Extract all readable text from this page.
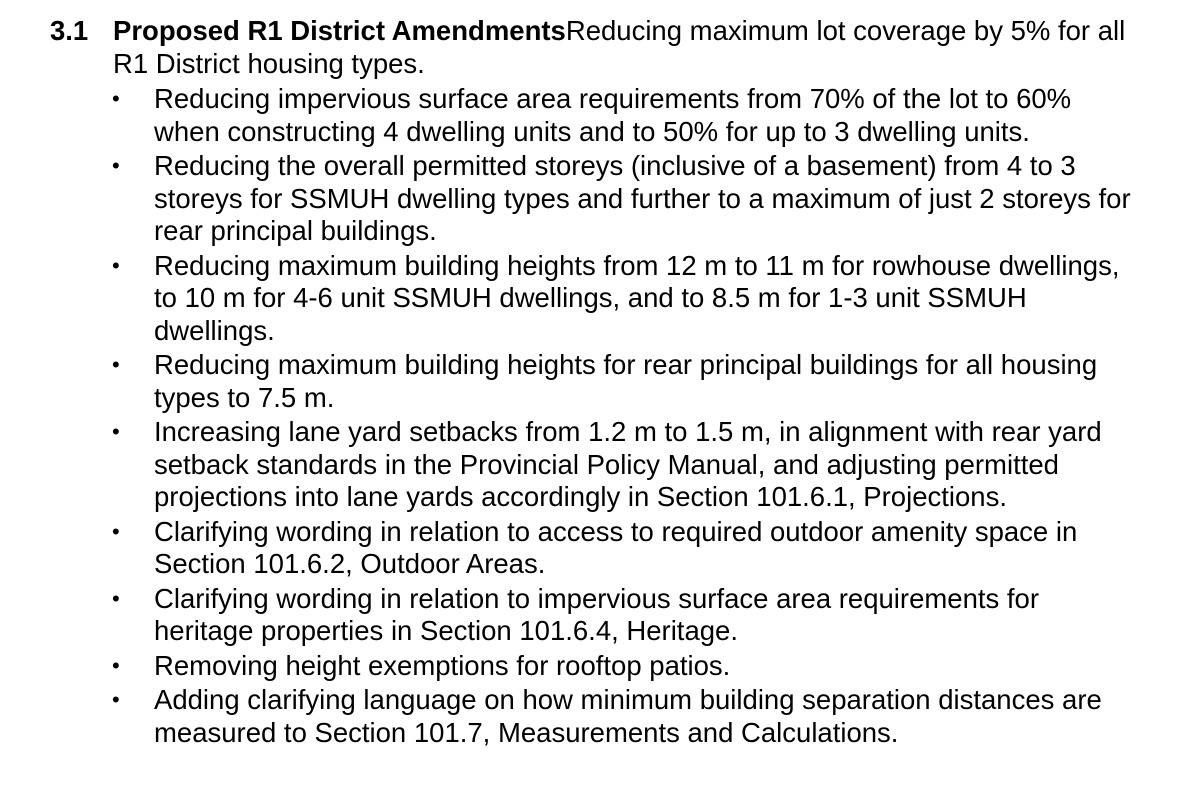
3.1 Proposed R1 District AmendmentsReducing maximum lot coverage by 5% for all R1 District housing types.
•	Reducing impervious surface area requirements from 70% of the lot to 60% when constructing 4 dwelling units and to 50% for up to 3 dwelling units.
•	Reducing the overall permitted storeys (inclusive of a basement) from 4 to 3 storeys for SSMUH dwelling types and further to a maximum of just 2 storeys for rear principal buildings.
•	Reducing maximum building heights from 12 m to 11 m for rowhouse dwellings, to 10 m for 4-6 unit SSMUH dwellings, and to 8.5 m for 1-3 unit SSMUH dwellings.
•	Reducing maximum building heights for rear principal buildings for all housing types to 7.5 m.
•	Increasing lane yard setbacks from 1.2 m to 1.5 m, in alignment with rear yard setback standards in the Provincial Policy Manual, and adjusting permitted projections into lane yards accordingly in Section 101.6.1, Projections.
•	Clarifying wording in relation to access to required outdoor amenity space in Section 101.6.2, Outdoor Areas.
•	Clarifying wording in relation to impervious surface area requirements for heritage properties in Section 101.6.4, Heritage.
•	Removing height exemptions for rooftop patios.
•	Adding clarifying language on how minimum building separation distances are measured to Section 101.7, Measurements and Calculations.
